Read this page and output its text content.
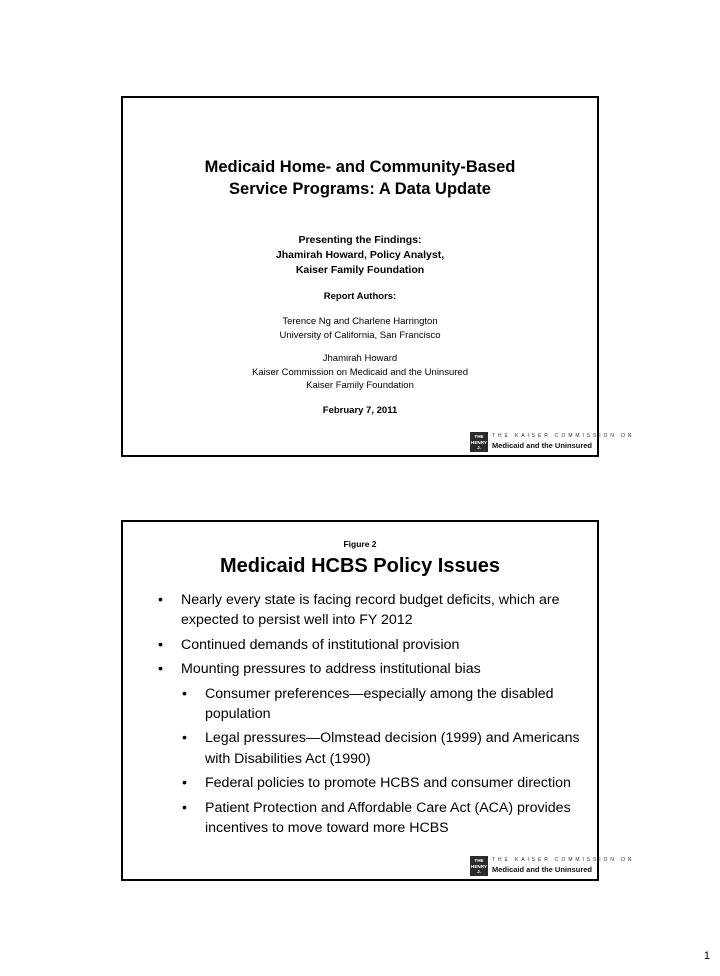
Medicaid Home- and Community-Based
Service Programs: A Data Update
Presenting the Findings:
Jhamirah Howard, Policy Analyst,
Kaiser Family Foundation
Report Authors:
Terence Ng and Charlene Harrington
University of California, San Francisco
Jhamirah Howard
Kaiser Commission on Medicaid and the Uninsured
Kaiser Family Foundation
February 7, 2011
THE HENRY J.
KAISER
FAMILY
THE KAISER COMMISSION ON
Medicaid and the Uninsured
Figure 2
Medicaid HCBS Policy Issues
• Nearly every state is facing record budget deficits, which are expected to persist well into FY 2012
• Continued demands of institutional provision
• Mounting pressures to address institutional bias
• Consumer preferences—especially among the disabled population
• Legal pressures—Olmstead decision (1999) and Americans with Disabilities Act (1990)
• Federal policies to promote HCBS and consumer direction
• Patient Protection and Affordable Care Act (ACA) provides incentives to move toward more HCBS
THE HENRY J.
KAISER
FAMILY
THE KAISER COMMISSION ON
Medicaid and the Uninsured
1
